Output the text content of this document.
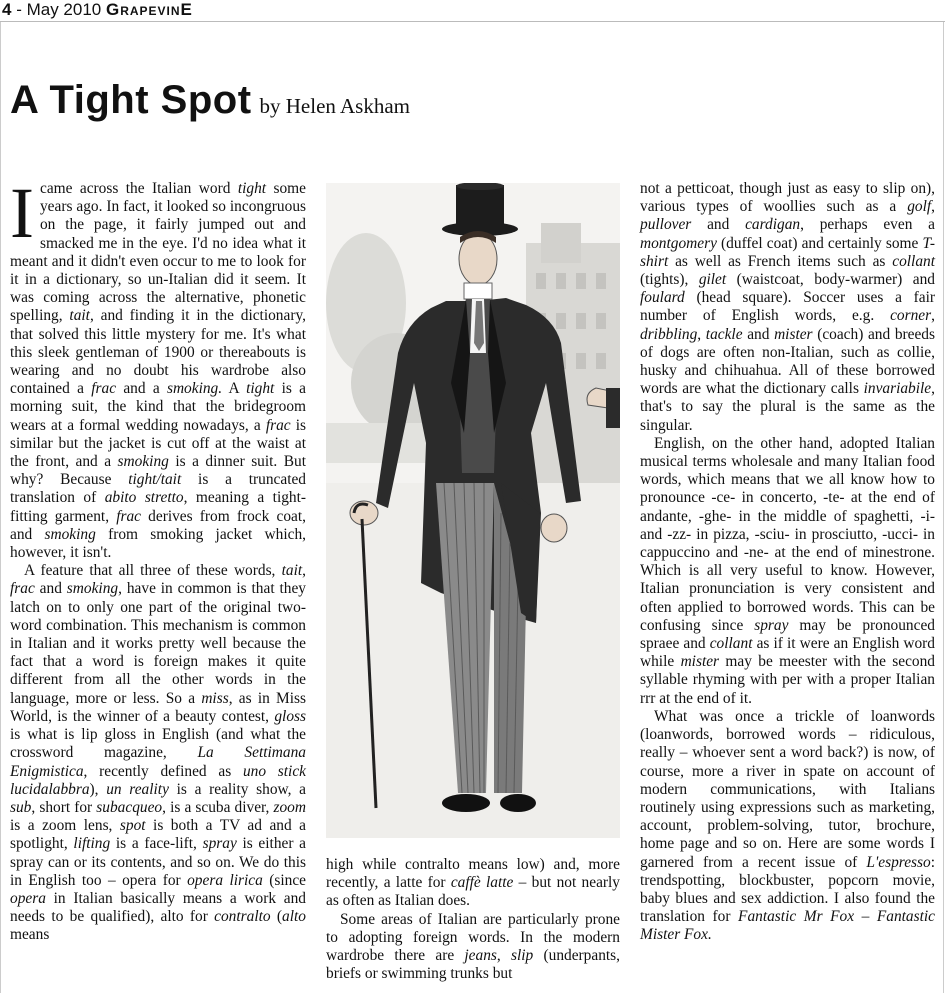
4 - May 2010 GrapevinE
A Tight Spot by Helen Askham

Icame across the Italian word tight some years ago. In fact, it looked so incongruous on the page, it fairly jumped out and smacked me in the eye. I'd no idea what it meant and it didn't even occur to me to look for it in a dictionary, so un-Italian did it seem. It was coming across the alternative, phonetic spelling, tait, and finding it in the dictionary, that solved this little mystery for me. It's what this sleek gentleman of 1900 or thereabouts is wearing and no doubt his wardrobe also contained a frac and a smoking. A tight is a morning suit, the kind that the bridegroom wears at a formal wedding nowadays, a frac is similar but the jacket is cut off at the waist at the front, and a smoking is a dinner suit. But why? Because tight/tait is a truncated translation of abito stretto, meaning a tight-fitting garment, frac derives from frock coat, and smoking from smoking jacket which, however, it isn't.

A feature that all three of these words, tait, frac and smoking, have in common is that they latch on to only one part of the original two-word combination. This mechanism is common in Italian and it works pretty well because the fact that a word is foreign makes it quite different from all the other words in the language, more or less. So a miss, as in Miss World, is the winner of a beauty contest, gloss is what is lip gloss in English (and what the crossword magazine, La Settimana Enigmistica, recently defined as uno stick lucidalabbra), un reality is a reality show, a sub, short for subacqueo, is a scuba diver, zoom is a zoom lens, spot is both a TV ad and a spotlight, lifting is a face-lift, spray is either a spray can or its contents, and so on. We do this in English too – opera for opera lirica (since opera in Italian basically means a work and needs to be qualified), alto for contralto (alto means

high while contralto means low) and, more recently, a latte for caffè latte – but not nearly as often as Italian does.

Some areas of Italian are particularly prone to adopting foreign words. In the modern wardrobe there are jeans, slip (underpants, briefs or swimming trunks but

not a petticoat, though just as easy to slip on), various types of woollies such as a golf, pullover and cardigan, perhaps even a montgomery (duffel coat) and certainly some T-shirt as well as French items such as collant (tights), gilet (waistcoat, body-warmer) and foulard (head square). Soccer uses a fair number of English words, e.g. corner, dribbling, tackle and mister (coach) and breeds of dogs are often non-Italian, such as collie, husky and chihuahua. All of these borrowed words are what the dictionary calls invariabile, that's to say the plural is the same as the singular.

English, on the other hand, adopted Italian musical terms wholesale and many Italian food words, which means that we all know how to pronounce -ce- in concerto, -te- at the end of andante, -ghe- in the middle of spaghetti, -i- and -zz- in pizza, -sciu- in prosciutto, -ucci- in cappuccino and -ne- at the end of minestrone. Which is all very useful to know. However, Italian pronunciation is very consistent and often applied to borrowed words. This can be confusing since spray may be pronounced spraee and collant as if it were an English word while mister may be meester with the second syllable rhyming with per with a proper Italian rrr at the end of it.

What was once a trickle of loanwords (loanwords, borrowed words – ridiculous, really – whoever sent a word back?) is now, of course, more a river in spate on account of modern communications, with Italians routinely using expressions such as marketing, account, problem-solving, tutor, brochure, home page and so on. Here are some words I garnered from a recent issue of L'espresso: trendspotting, blockbuster, popcorn movie, baby blues and sex addiction. I also found the translation for Fantastic Mr Fox – Fantastic Mister Fox.
